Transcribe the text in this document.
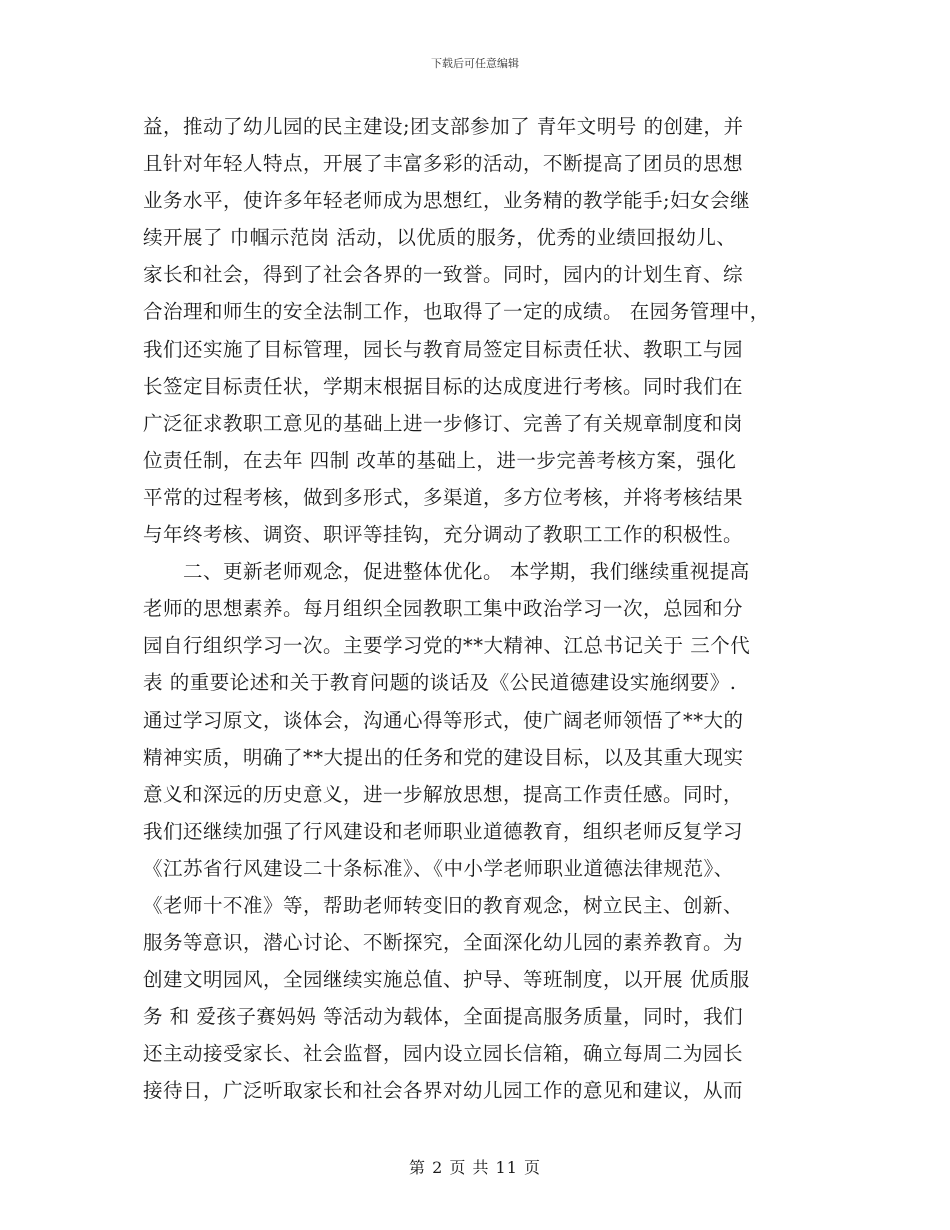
下载后可任意编辑
益，推动了幼儿园的民主建设;团支部参加了 青年文明号 的创建，并
且针对年轻人特点，开展了丰富多彩的活动，不断提高了团员的思想
业务水平，使许多年轻老师成为思想红，业务精的教学能手;妇女会继
续开展了 巾帼示范岗 活动，以优质的服务，优秀的业绩回报幼儿、
家长和社会，得到了社会各界的一致誉。同时，园内的计划生育、综
合治理和师生的安全法制工作，也取得了一定的成绩。 在园务管理中，
我们还实施了目标管理，园长与教育局签定目标责任状、教职工与园
长签定目标责任状，学期末根据目标的达成度进行考核。同时我们在
广泛征求教职工意见的基础上进一步修订、完善了有关规章制度和岗
位责任制，在去年 四制 改革的基础上，进一步完善考核方案，强化
平常的过程考核，做到多形式，多渠道，多方位考核，并将考核结果
与年终考核、调资、职评等挂钩，充分调动了教职工工作的积极性。
　　二、更新老师观念，促进整体优化。 本学期，我们继续重视提高
老师的思想素养。每月组织全园教职工集中政治学习一次，总园和分
园自行组织学习一次。主要学习党的**大精神、江总书记关于 三个代
表 的重要论述和关于教育问题的谈话及《公民道德建设实施纲要》.
通过学习原文，谈体会，沟通心得等形式，使广阔老师领悟了**大的
精神实质，明确了**大提出的任务和党的建设目标，以及其重大现实
意义和深远的历史意义，进一步解放思想，提高工作责任感。同时，
我们还继续加强了行风建设和老师职业道德教育，组织老师反复学习
《江苏省行风建设二十条标准》、《中小学老师职业道德法律规范》、
《老师十不准》等，帮助老师转变旧的教育观念，树立民主、创新、
服务等意识，潜心讨论、不断探究，全面深化幼儿园的素养教育。为
创建文明园风，全园继续实施总值、护导、等班制度，以开展 优质服
务 和 爱孩子赛妈妈 等活动为载体，全面提高服务质量，同时，我们
还主动接受家长、社会监督，园内设立园长信箱，确立每周二为园长
接待日，广泛听取家长和社会各界对幼儿园工作的意见和建议，从而
第 2 页 共 11 页
